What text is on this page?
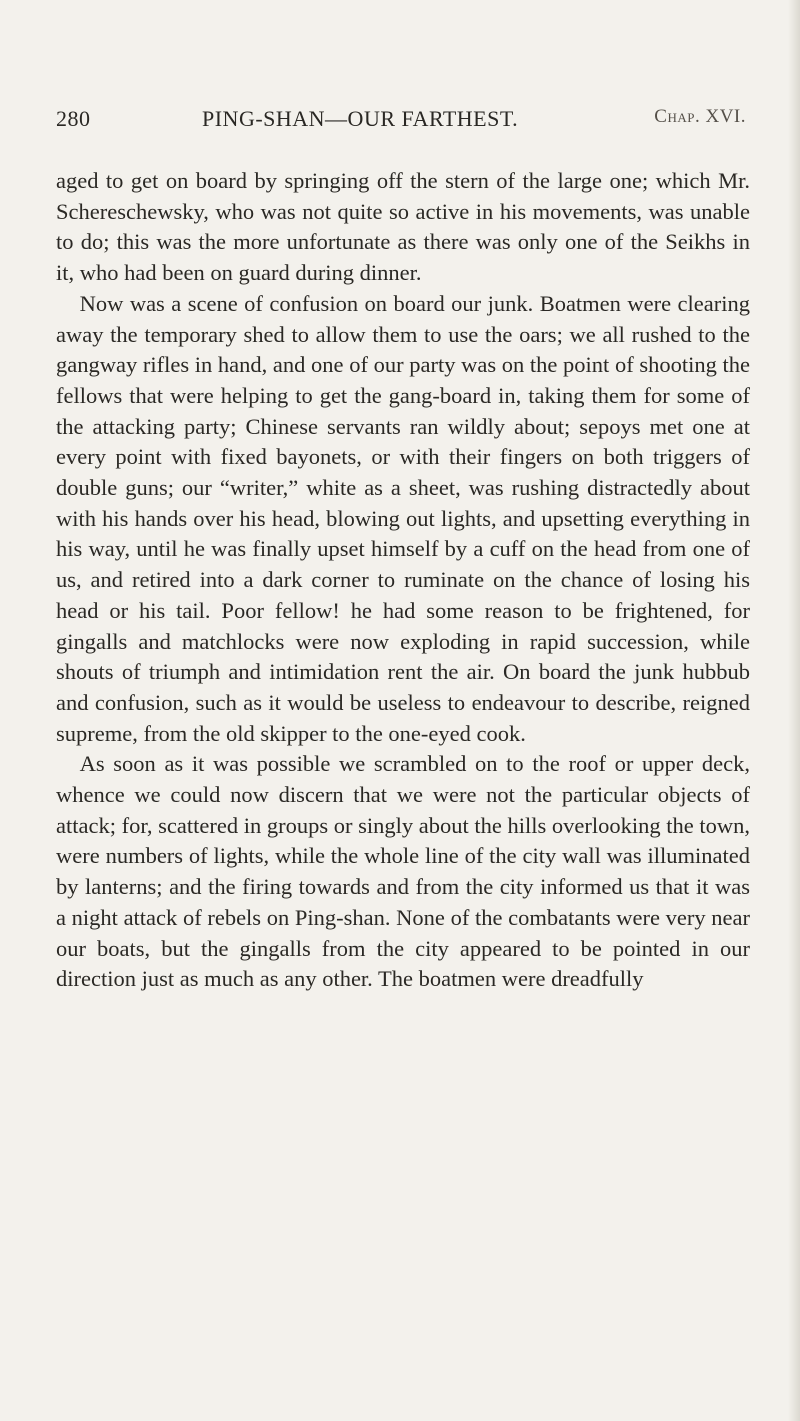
280	PING-SHAN—OUR FARTHEST.	Chap. XVI.

aged to get on board by springing off the stern of the large one; which Mr. Schereschewsky, who was not quite so active in his movements, was unable to do; this was the more unfortunate as there was only one of the Seikhs in it, who had been on guard during dinner.

Now was a scene of confusion on board our junk. Boatmen were clearing away the temporary shed to allow them to use the oars; we all rushed to the gangway rifles in hand, and one of our party was on the point of shooting the fellows that were helping to get the gang-board in, taking them for some of the attacking party; Chinese servants ran wildly about; sepoys met one at every point with fixed bayonets, or with their fingers on both triggers of double guns; our “writer,” white as a sheet, was rushing distractedly about with his hands over his head, blowing out lights, and upsetting everything in his way, until he was finally upset himself by a cuff on the head from one of us, and retired into a dark corner to ruminate on the chance of losing his head or his tail. Poor fellow! he had some reason to be frightened, for gingalls and matchlocks were now exploding in rapid succession, while shouts of triumph and intimidation rent the air. On board the junk hubbub and confusion, such as it would be useless to endeavour to describe, reigned supreme, from the old skipper to the one-eyed cook.

As soon as it was possible we scrambled on to the roof or upper deck, whence we could now discern that we were not the particular objects of attack; for, scattered in groups or singly about the hills overlooking the town, were numbers of lights, while the whole line of the city wall was illuminated by lanterns; and the firing towards and from the city informed us that it was a night attack of rebels on Ping-shan. None of the combatants were very near our boats, but the gingalls from the city appeared to be pointed in our direction just as much as any other. The boatmen were dreadfully
